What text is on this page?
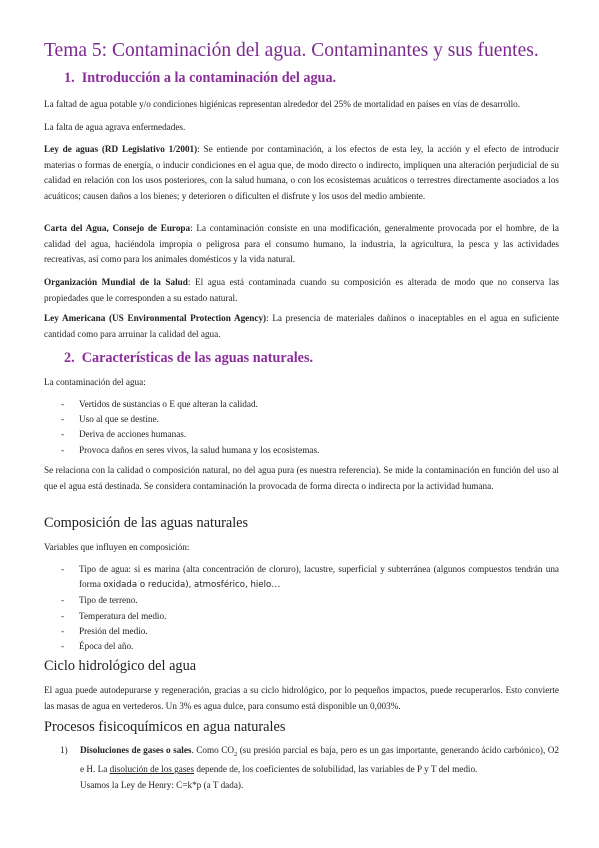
Tema 5: Contaminación del agua. Contaminantes y sus fuentes.
1. Introducción a la contaminación del agua.

La faltad de agua potable y/o condiciones higiénicas representan alrededor del 25% de mortalidad en países en vías de desarrollo.

La falta de agua agrava enfermedades.

Ley de aguas (RD Legislativo 1/2001): Se entiende por contaminación, a los efectos de esta ley, la acción y el efecto de introducir materias o formas de energía, o inducir condiciones en el agua que, de modo directo o indirecto, impliquen una alteración perjudicial de su calidad en relación con los usos posteriores, con la salud humana, o con los ecosistemas acuáticos o terrestres directamente asociados a los acuáticos; causen daños a los bienes; y deterioren o dificulten el disfrute y los usos del medio ambiente.

Carta del Agua, Consejo de Europa: La contaminación consiste en una modificación, generalmente provocada por el hombre, de la calidad del agua, haciéndola impropia o peligrosa para el consumo humano, la industria, la agricultura, la pesca y las actividades recreativas, así como para los animales domésticos y la vida natural.

Organización Mundial de la Salud: El agua está contaminada cuando su composición es alterada de modo que no conserva las propiedades que le corresponden a su estado natural.

Ley Americana (US Environmental Protection Agency): La presencia de materiales dañinos o inaceptables en el agua en suficiente cantidad como para arruinar la calidad del agua.

2. Características de las aguas naturales.

La contaminación del agua:

- Vertidos de sustancias o E que alteran la calidad.
- Uso al que se destine.
- Deriva de acciones humanas.
- Provoca daños en seres vivos, la salud humana y los ecosistemas.

Se relaciona con la calidad o composición natural, no del agua pura (es nuestra referencia). Se mide la contaminación en función del uso al que el agua está destinada. Se considera contaminación la provocada de forma directa o indirecta por la actividad humana.

Composición de las aguas naturales

Variables que influyen en composición:

- Tipo de agua: si es marina (alta concentración de cloruro), lacustre, superficial y subterránea (algunos compuestos tendrán una forma oxidada o reducida), atmosférico, hielo…
- Tipo de terreno.
- Temperatura del medio.
- Presión del medio.
- Época del año.
Ciclo hidrológico del agua

El agua puede autodepurarse y regeneración, gracias a su ciclo hidrológico, por lo pequeños impactos, puede recuperarlos. Esto convierte las masas de agua en vertederos. Un 3% es agua dulce, para consumo está disponible un 0,003%.

Procesos fisicoquímicos en agua naturales
1) Disoluciones de gases o sales. Como $CO_2$ (su presión parcial es baja, pero es un gas importante, generando ácido carbónico), O2 e H. La disolución de los gases depende de, los coeficientes de solubilidad, las variables de P y T del medio.
Usamos la Ley de Henry: C=k*p (a T dada).
